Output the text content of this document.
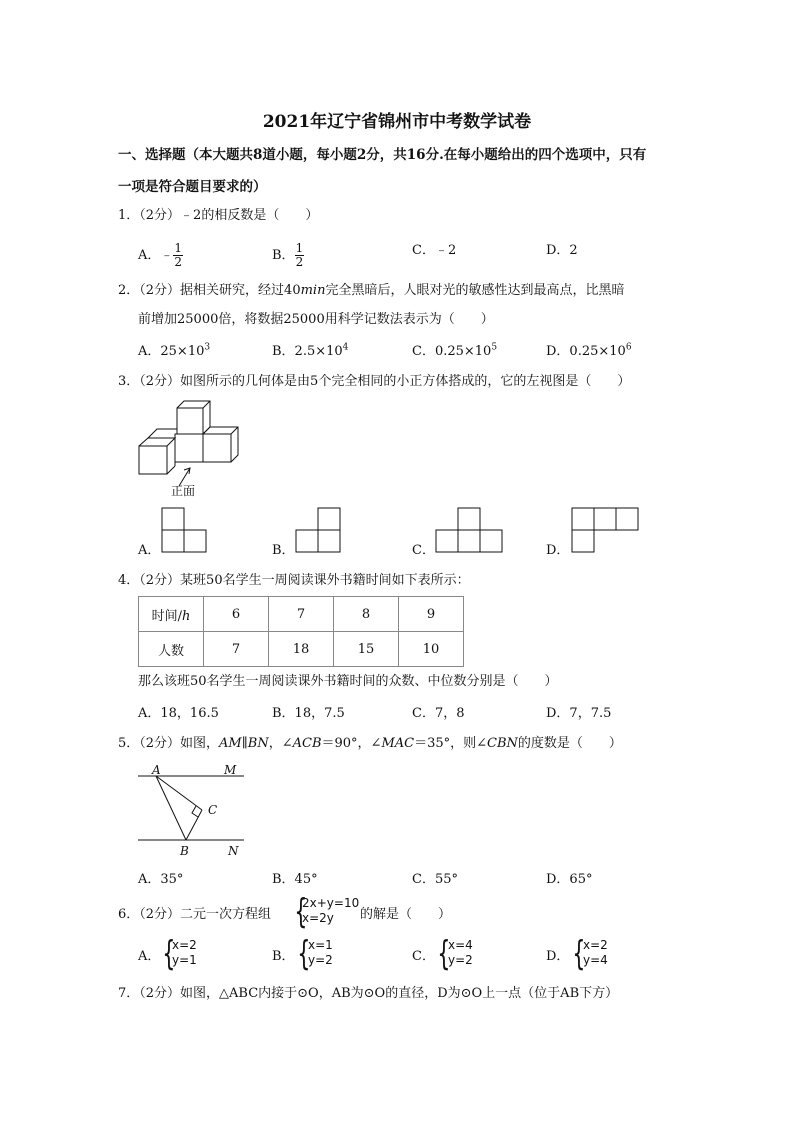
2021年辽宁省锦州市中考数学试卷
一、选择题（本大题共8道小题，每小题2分，共16分.在每小题给出的四个选项中，只有
一项是符合题目要求的）
1．（2分）﹣2的相反数是（　　）
A．﹣ $\frac{1}{2}$	B． $\frac{1}{2}$	C．﹣2	D．2
2．（2分）据相关研究，经过40min完全黑暗后，人眼对光的敏感性达到最高点，比黑暗
前增加25000倍，将数据25000用科学记数法表示为（　　）
A．$25\times 10^3$	B．$2.5\times 10^4$	C．$0.25\times 10^5$	D．$0.25\times 10^6$
3．（2分）如图所示的几何体是由5个完全相同的小正方体搭成的，它的左视图是（　　）
正面
A．	B．	C．	D．
4．（2分）某班50名学生一周阅读课外书籍时间如下表所示：
时间/h	6	7	8	9
人数	7	18	15	10
那么该班50名学生一周阅读课外书籍时间的众数、中位数分别是（　　）
A．18，16.5	B．18，7.5	C．7，8	D．7，7.5
5．（2分）如图，AM∥BN，∠ACB＝90°，∠MAC＝35°，则∠CBN的度数是（　　）
A	M
C
B	N
A．35°	B．45°	C．55°	D．65°
6．（2分）二元一次方程组 {
2x+y=10
x=2y	的解是（　　）
A． {
x=2
y=1	B． {
x=1
y=2	C． {
x=4
y=2	D． {
x=2
y=4
7．（2分）如图，△ABC内接于⊙O，AB为⊙O的直径，D为⊙O上一点（位于AB下方）
